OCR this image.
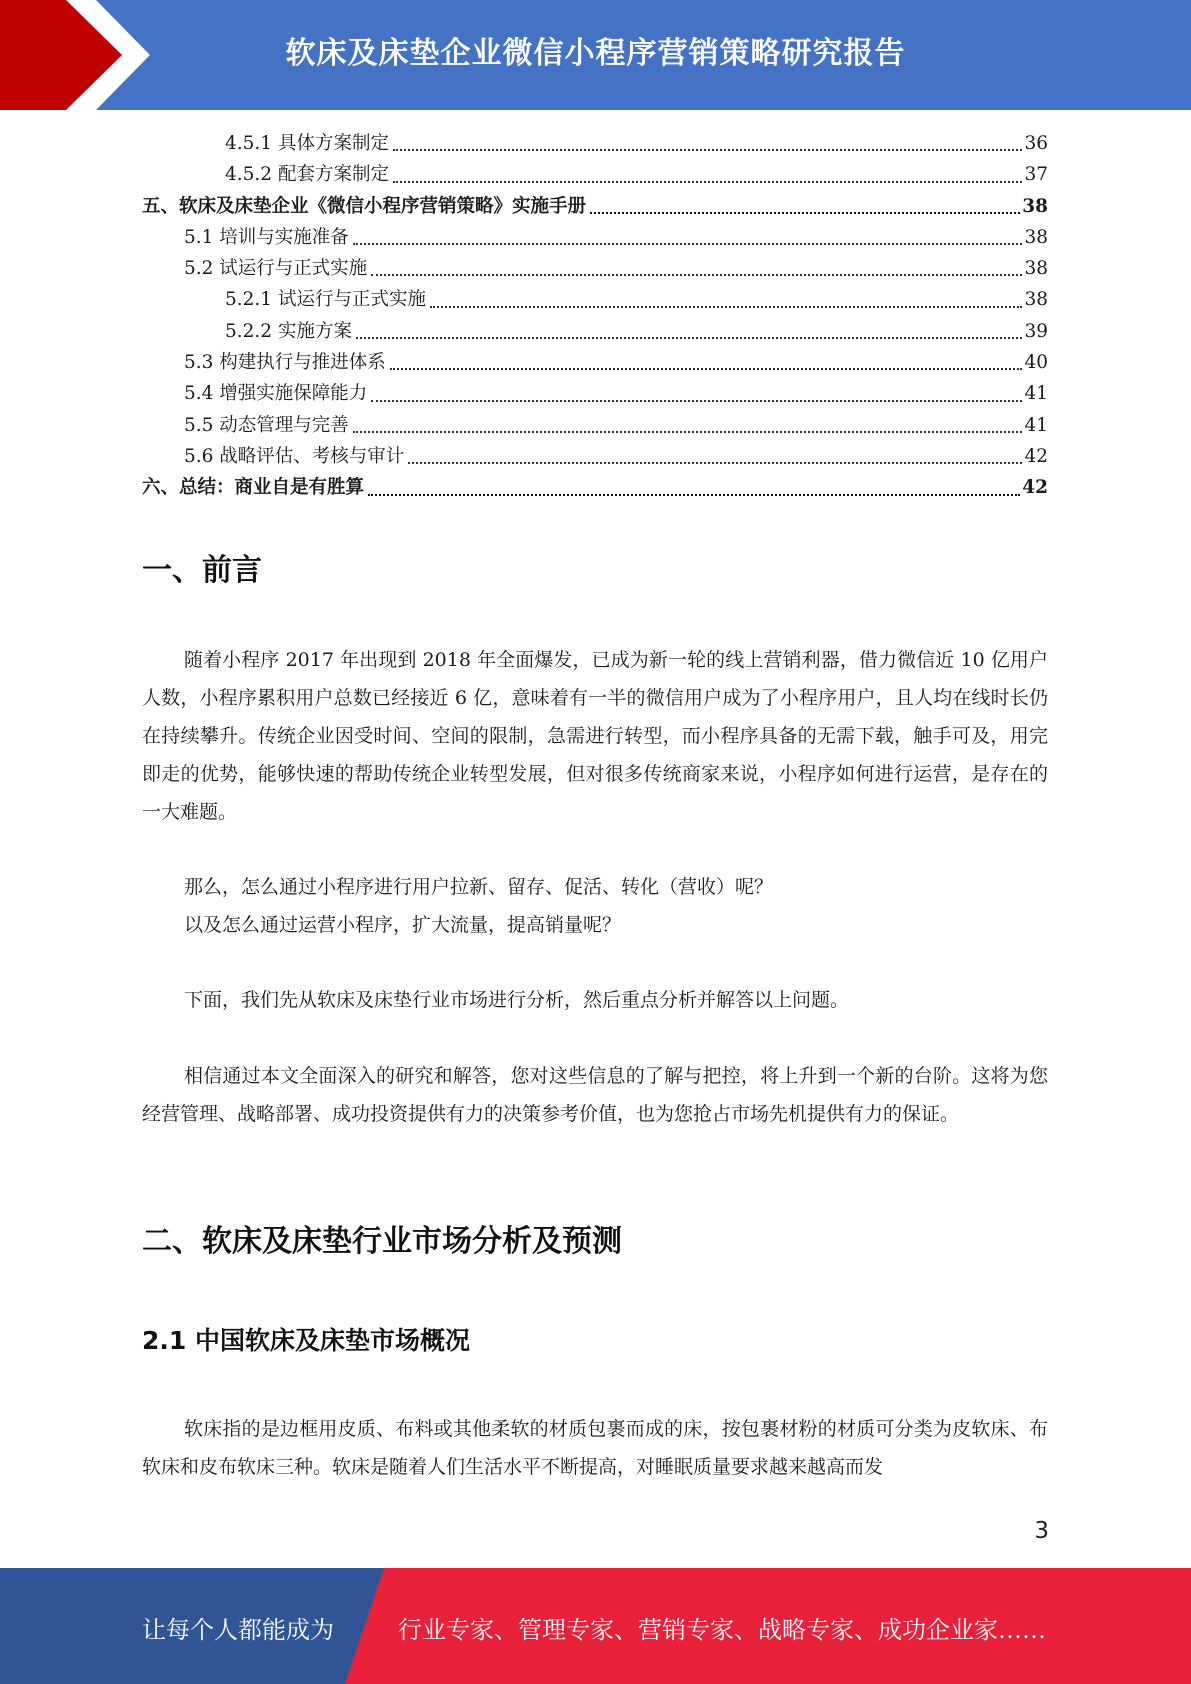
软床及床垫企业微信小程序营销策略研究报告
4.5.1 具体方案制定	36
4.5.2 配套方案制定	37
五、软床及床垫企业《微信小程序营销策略》实施手册	38
5.1 培训与实施准备	38
5.2 试运行与正式实施	38
5.2.1 试运行与正式实施	38
5.2.2 实施方案	39
5.3 构建执行与推进体系	40
5.4 增强实施保障能力	41
5.5 动态管理与完善	41
5.6 战略评估、考核与审计	42
六、总结：商业自是有胜算	42
一、前言

随着小程序 2017 年出现到 2018 年全面爆发，已成为新一轮的线上营销利器，借力微信近 10 亿用户人数，小程序累积用户总数已经接近 6 亿，意味着有一半的微信用户成为了小程序用户，且人均在线时长仍在持续攀升。传统企业因受时间、空间的限制，急需进行转型，而小程序具备的无需下载，触手可及，用完即走的优势，能够快速的帮助传统企业转型发展，但对很多传统商家来说，小程序如何进行运营，是存在的一大难题。

那么，怎么通过小程序进行用户拉新、留存、促活、转化（营收）呢？

以及怎么通过运营小程序，扩大流量，提高销量呢？

下面，我们先从软床及床垫行业市场进行分析，然后重点分析并解答以上问题。

相信通过本文全面深入的研究和解答，您对这些信息的了解与把控，将上升到一个新的台阶。这将为您经营管理、战略部署、成功投资提供有力的决策参考价值，也为您抢占市场先机提供有力的保证。

二、软床及床垫行业市场分析及预测
2.1 中国软床及床垫市场概况

软床指的是边框用皮质、布料或其他柔软的材质包裹而成的床，按包裹材粉的材质可分类为皮软床、布软床和皮布软床三种。软床是随着人们生活水平不断提高，对睡眠质量要求越来越高而发

3
让每个人都能成为	行业专家、管理专家、营销专家、战略专家、成功企业家……
